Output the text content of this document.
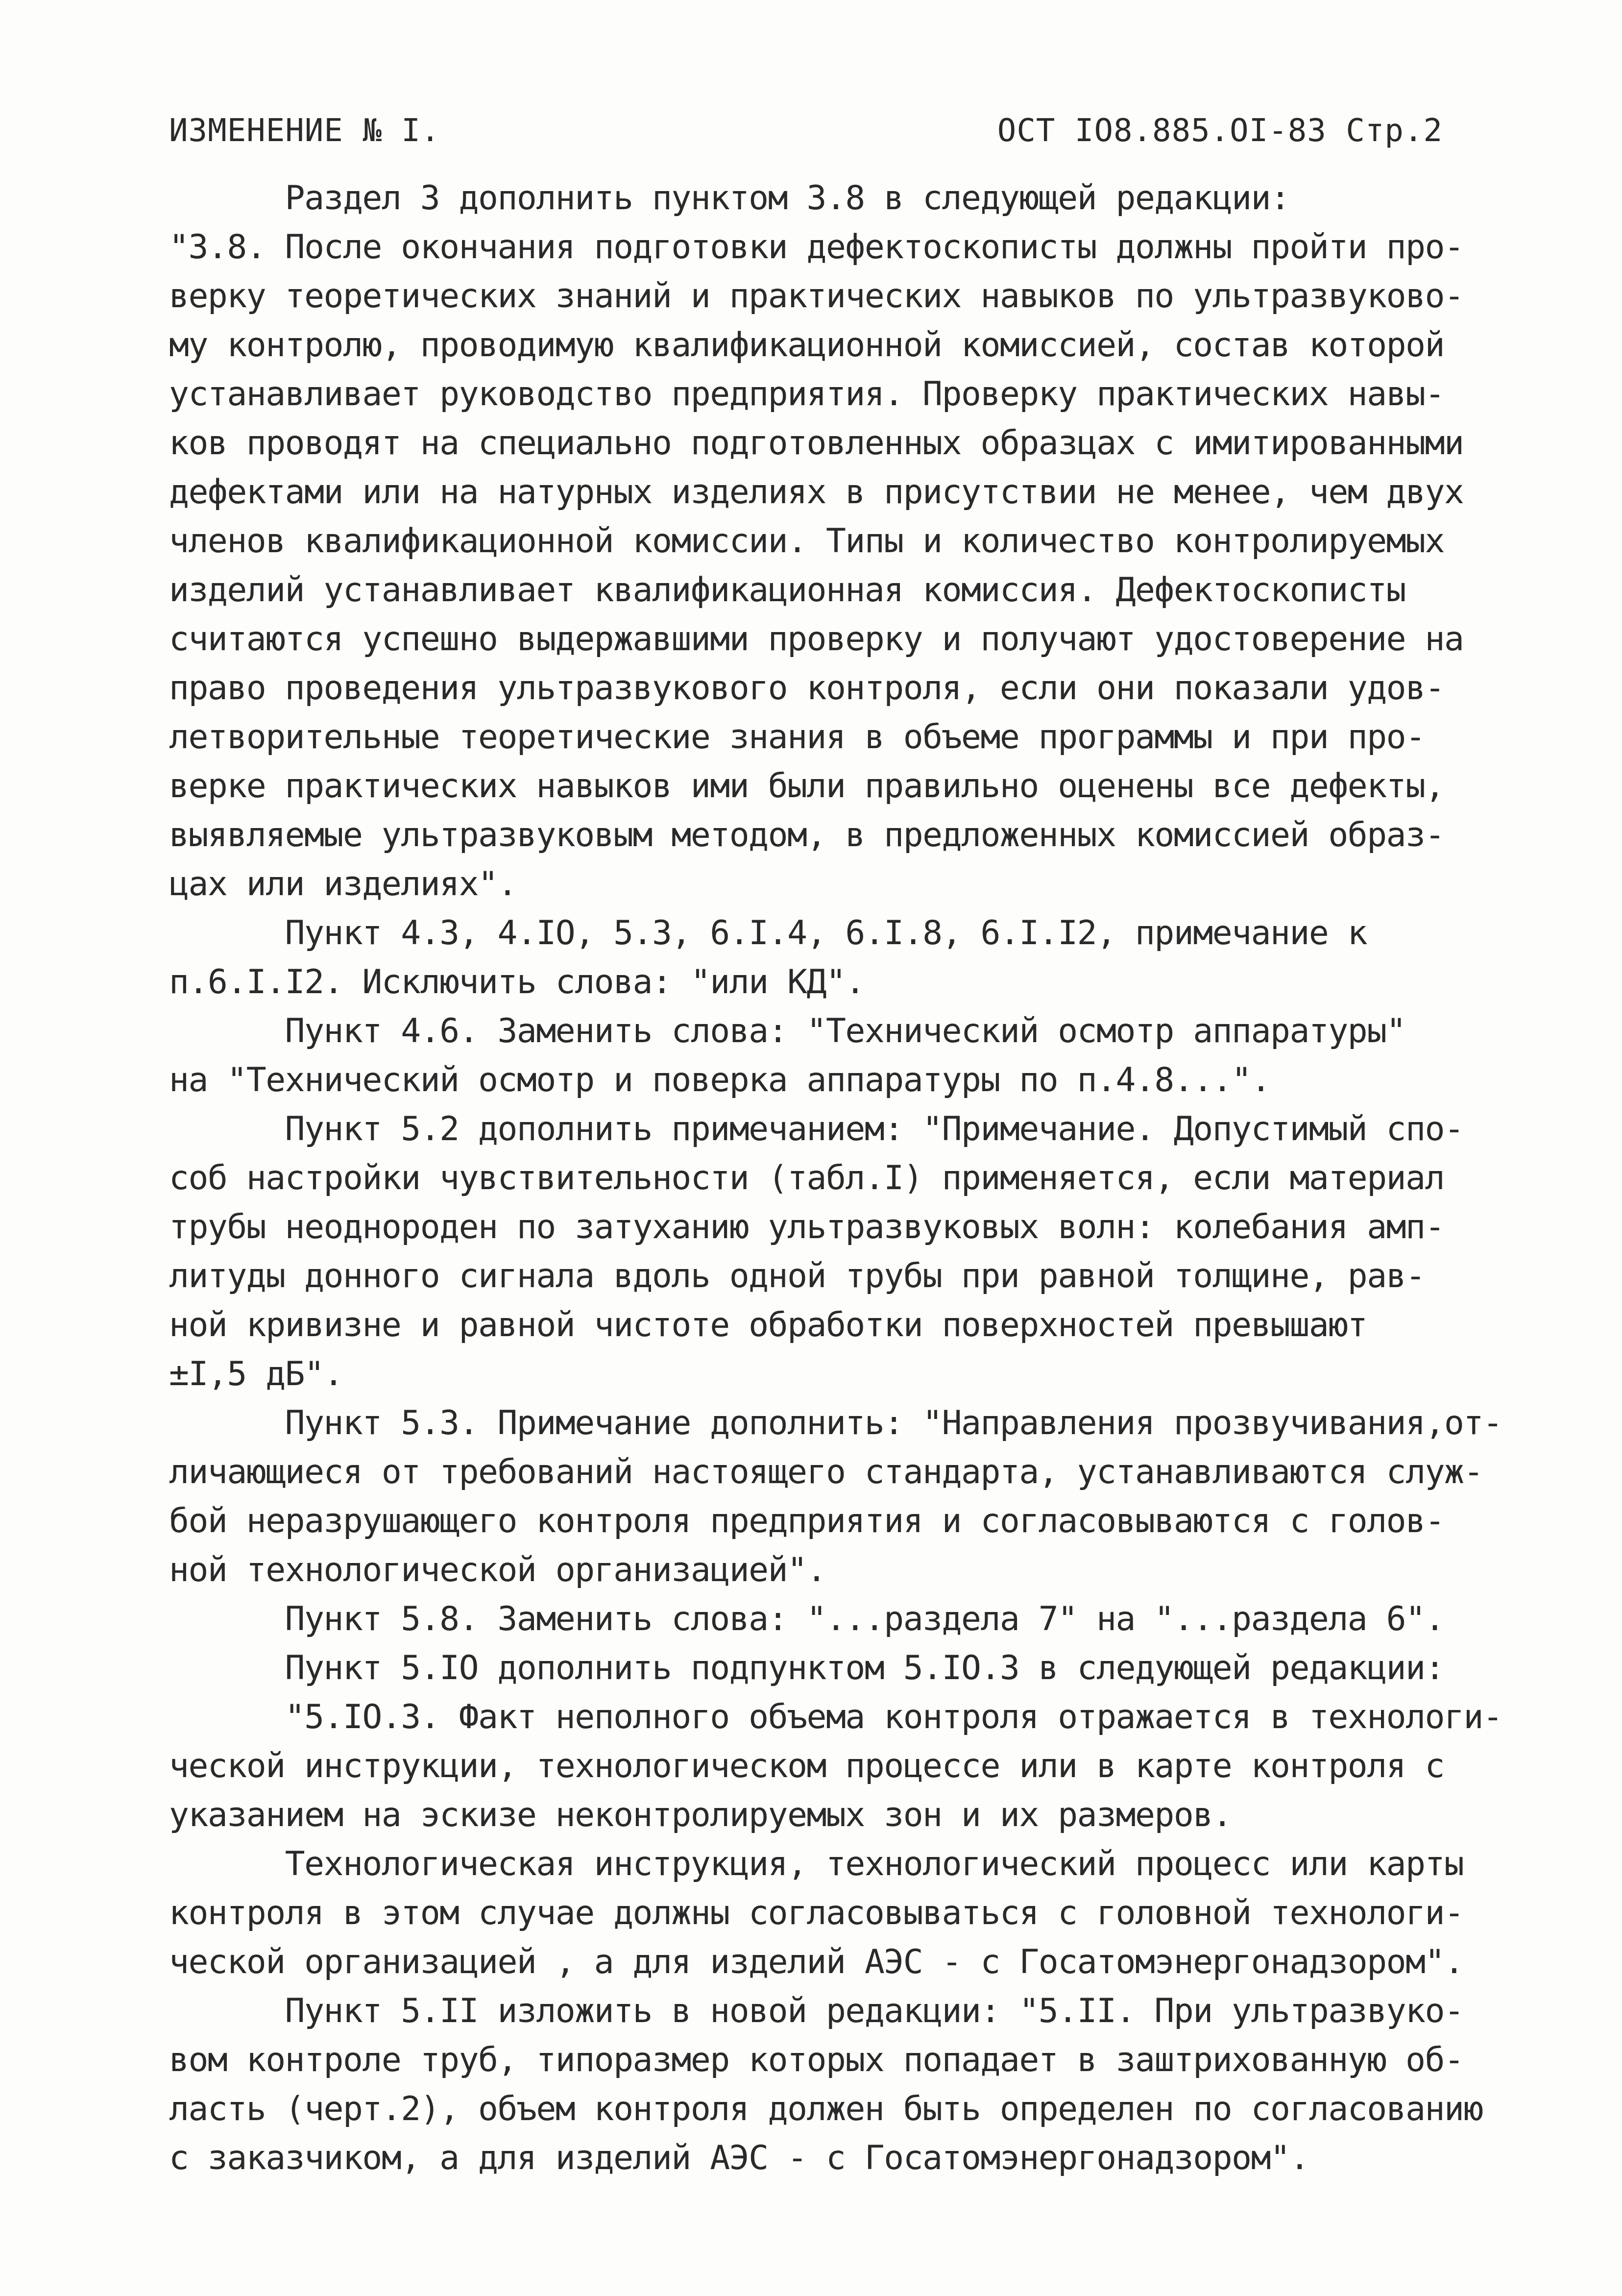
ИЗМЕНЕНИЕ № I.	ОСТ IO8.885.OI-83 Стр.2
Раздел 3 дополнить пунктом 3.8 в следующей редакции:
"3.8. После окончания подготовки дефектоскописты должны пройти про-
верку теоретических знаний и практических навыков по ультразвуково-
му контролю, проводимую квалификационной комиссией, состав которой
устанавливает руководство предприятия. Проверку практических навы-
ков проводят на специально подготовленных образцах с имитированными
дефектами или на натурных изделиях в присутствии не менее, чем двух
членов квалификационной комиссии. Типы и количество контролируемых
изделий устанавливает квалификационная комиссия. Дефектоскописты
считаются успешно выдержавшими проверку и получают удостоверение на
право проведения ультразвукового контроля, если они показали удов-
летворительные теоретические знания в объеме программы и при про-
верке практических навыков ими были правильно оценены все дефекты,
выявляемые ультразвуковым методом, в предложенных комиссией образ-
цах или изделиях".
Пункт 4.3, 4.IO, 5.3, 6.I.4, 6.I.8, 6.I.I2, примечание к
п.6.I.I2. Исключить слова: "или КД".
Пункт 4.6. Заменить слова: "Технический осмотр аппаратуры"
на "Технический осмотр и поверка аппаратуры по п.4.8...".
Пункт 5.2 дополнить примечанием: "Примечание. Допустимый спо-
соб настройки чувствительности (табл.I) применяется, если материал
трубы неоднороден по затуханию ультразвуковых волн: колебания амп-
литуды донного сигнала вдоль одной трубы при равной толщине, рав-
ной кривизне и равной чистоте обработки поверхностей превышают
±I,5 дБ".
Пункт 5.3. Примечание дополнить: "Направления прозвучивания,от-
личающиеся от требований настоящего стандарта, устанавливаются служ-
бой неразрушающего контроля предприятия и согласовываются с голов-
ной технологической организацией".
Пункт 5.8. Заменить слова: "...раздела 7" на "...раздела 6".
Пункт 5.IO дополнить подпунктом 5.IO.3 в следующей редакции:
"5.IO.3. Факт неполного объема контроля отражается в технологи-
ческой инструкции, технологическом процессе или в карте контроля с
указанием на эскизе неконтролируемых зон и их размеров.
Технологическая инструкция, технологический процесс или карты
контроля в этом случае должны согласовываться с головной технологи-
ческой организацией , а для изделий АЭС - с Госатомэнергонадзором".
Пункт 5.II изложить в новой редакции: "5.II. При ультразвуко-
вом контроле труб, типоразмер которых попадает в заштрихованную об-
ласть (черт.2), объем контроля должен быть определен по согласованию
с заказчиком, а для изделий АЭС - с Госатомэнергонадзором".
